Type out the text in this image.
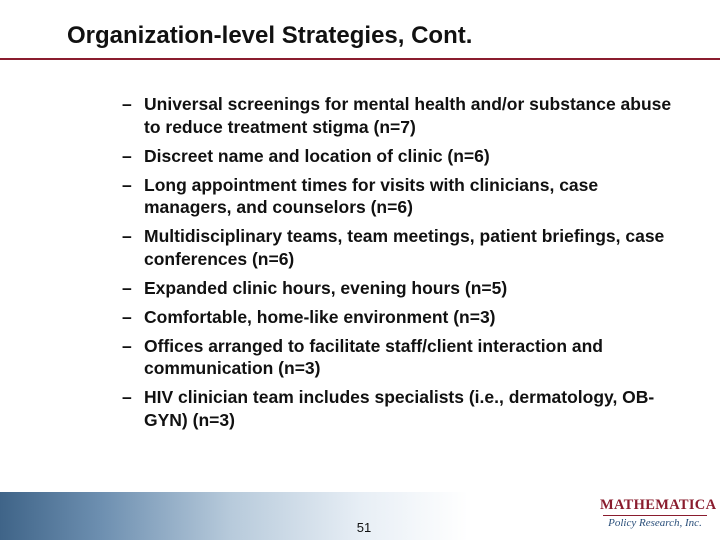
Organization-level Strategies, Cont.
– Universal screenings for mental health and/or substance abuse to reduce treatment stigma (n=7)
– Discreet name and location of clinic (n=6)
– Long appointment times for visits with clinicians, case managers, and counselors (n=6)
– Multidisciplinary teams, team meetings, patient briefings, case conferences (n=6)
– Expanded clinic hours, evening hours (n=5)
– Comfortable, home-like environment (n=3)
– Offices arranged to facilitate staff/client interaction and communication (n=3)
– HIV clinician team includes specialists (i.e., dermatology, OB-GYN) (n=3)
51
MATHEMATICA
Policy Research, Inc.
